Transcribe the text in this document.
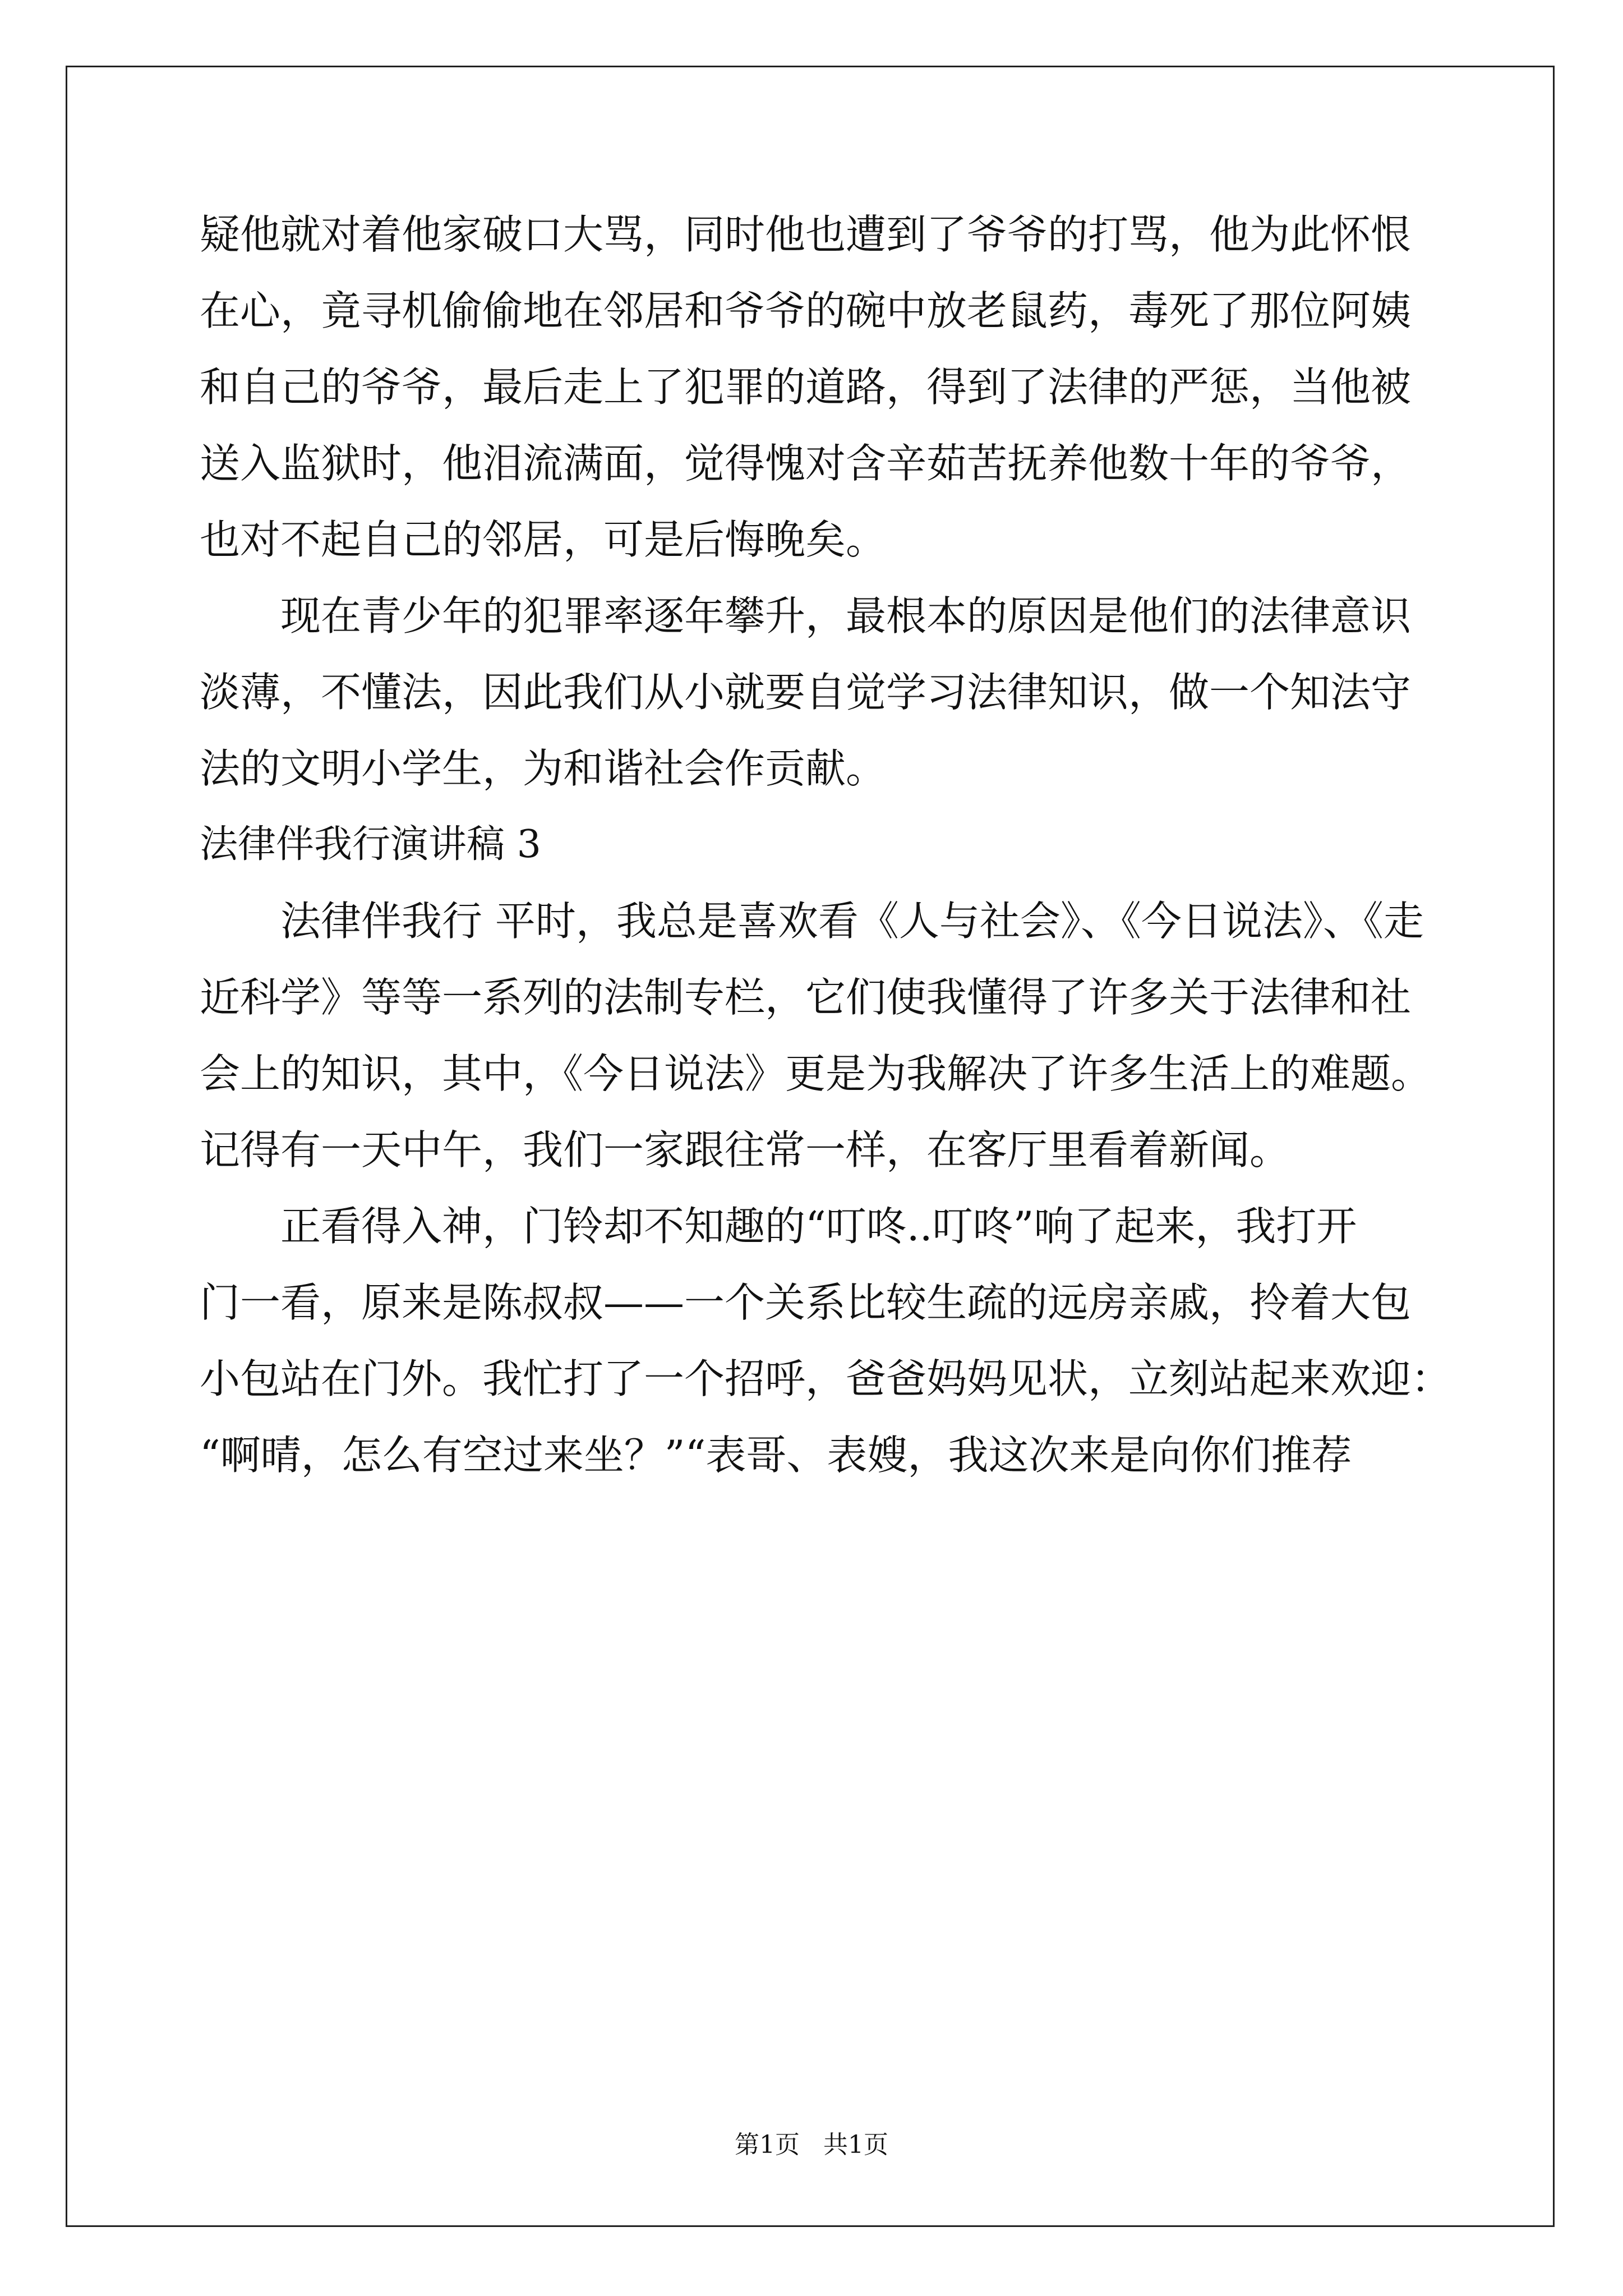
疑他就对着他家破口大骂，同时他也遭到了爷爷的打骂，他为此怀恨
在心，竟寻机偷偷地在邻居和爷爷的碗中放老鼠药，毒死了那位阿姨
和自己的爷爷，最后走上了犯罪的道路，得到了法律的严惩，当他被
送入监狱时，他泪流满面，觉得愧对含辛茹苦抚养他数十年的爷爷，
也对不起自己的邻居，可是后悔晚矣。
现在青少年的犯罪率逐年攀升，最根本的原因是他们的法律意识
淡薄，不懂法，因此我们从小就要自觉学习法律知识，做一个知法守
法的文明小学生，为和谐社会作贡献。
法律伴我行演讲稿 3
法律伴我行 平时，我总是喜欢看《人与社会》、《今日说法》、《走
近科学》等等一系列的法制专栏，它们使我懂得了许多关于法律和社
会上的知识，其中，《今日说法》更是为我解决了许多生活上的难题。
记得有一天中午，我们一家跟往常一样，在客厅里看着新闻。
正看得入神，门铃却不知趣的“叮咚..叮咚”响了起来，我打开
门一看，原来是陈叔叔——一个关系比较生疏的远房亲戚，拎着大包
小包站在门外。我忙打了一个招呼，爸爸妈妈见状，立刻站起来欢迎：
“啊晴，怎么有空过来坐？”“表哥、表嫂，我这次来是向你们推荐
第1页   共1页
